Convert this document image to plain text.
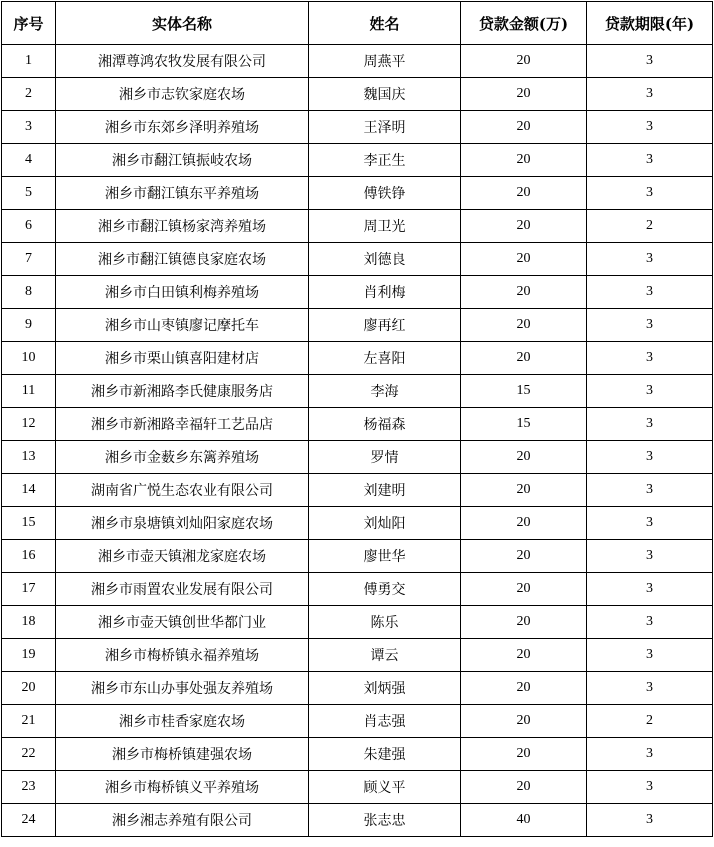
序号	实体名称	姓名	贷款金额(万)	贷款期限(年)
1	湘潭尊鸿农牧发展有限公司	周燕平	20	3
2	湘乡市志钦家庭农场	魏国庆	20	3
3	湘乡市东郊乡泽明养殖场	王泽明	20	3
4	湘乡市翻江镇振岐农场	李正生	20	3
5	湘乡市翻江镇东平养殖场	傅铁铮	20	3
6	湘乡市翻江镇杨家湾养殖场	周卫光	20	2
7	湘乡市翻江镇德良家庭农场	刘德良	20	3
8	湘乡市白田镇利梅养殖场	肖利梅	20	3
9	湘乡市山枣镇廖记摩托车	廖再红	20	3
10	湘乡市栗山镇喜阳建材店	左喜阳	20	3
11	湘乡市新湘路李氏健康服务店	李海	15	3
12	湘乡市新湘路幸福轩工艺品店	杨福森	15	3
13	湘乡市金薮乡东篱养殖场	罗情	20	3
14	湖南省广悦生态农业有限公司	刘建明	20	3
15	湘乡市泉塘镇刘灿阳家庭农场	刘灿阳	20	3
16	湘乡市壶天镇湘龙家庭农场	廖世华	20	3
17	湘乡市雨置农业发展有限公司	傅勇交	20	3
18	湘乡市壶天镇创世华都门业	陈乐	20	3
19	湘乡市梅桥镇永福养殖场	谭云	20	3
20	湘乡市东山办事处强友养殖场	刘炳强	20	3
21	湘乡市桂香家庭农场	肖志强	20	2
22	湘乡市梅桥镇建强农场	朱建强	20	3
23	湘乡市梅桥镇义平养殖场	顾义平	20	3
24	湘乡湘志养殖有限公司	张志忠	40	3
